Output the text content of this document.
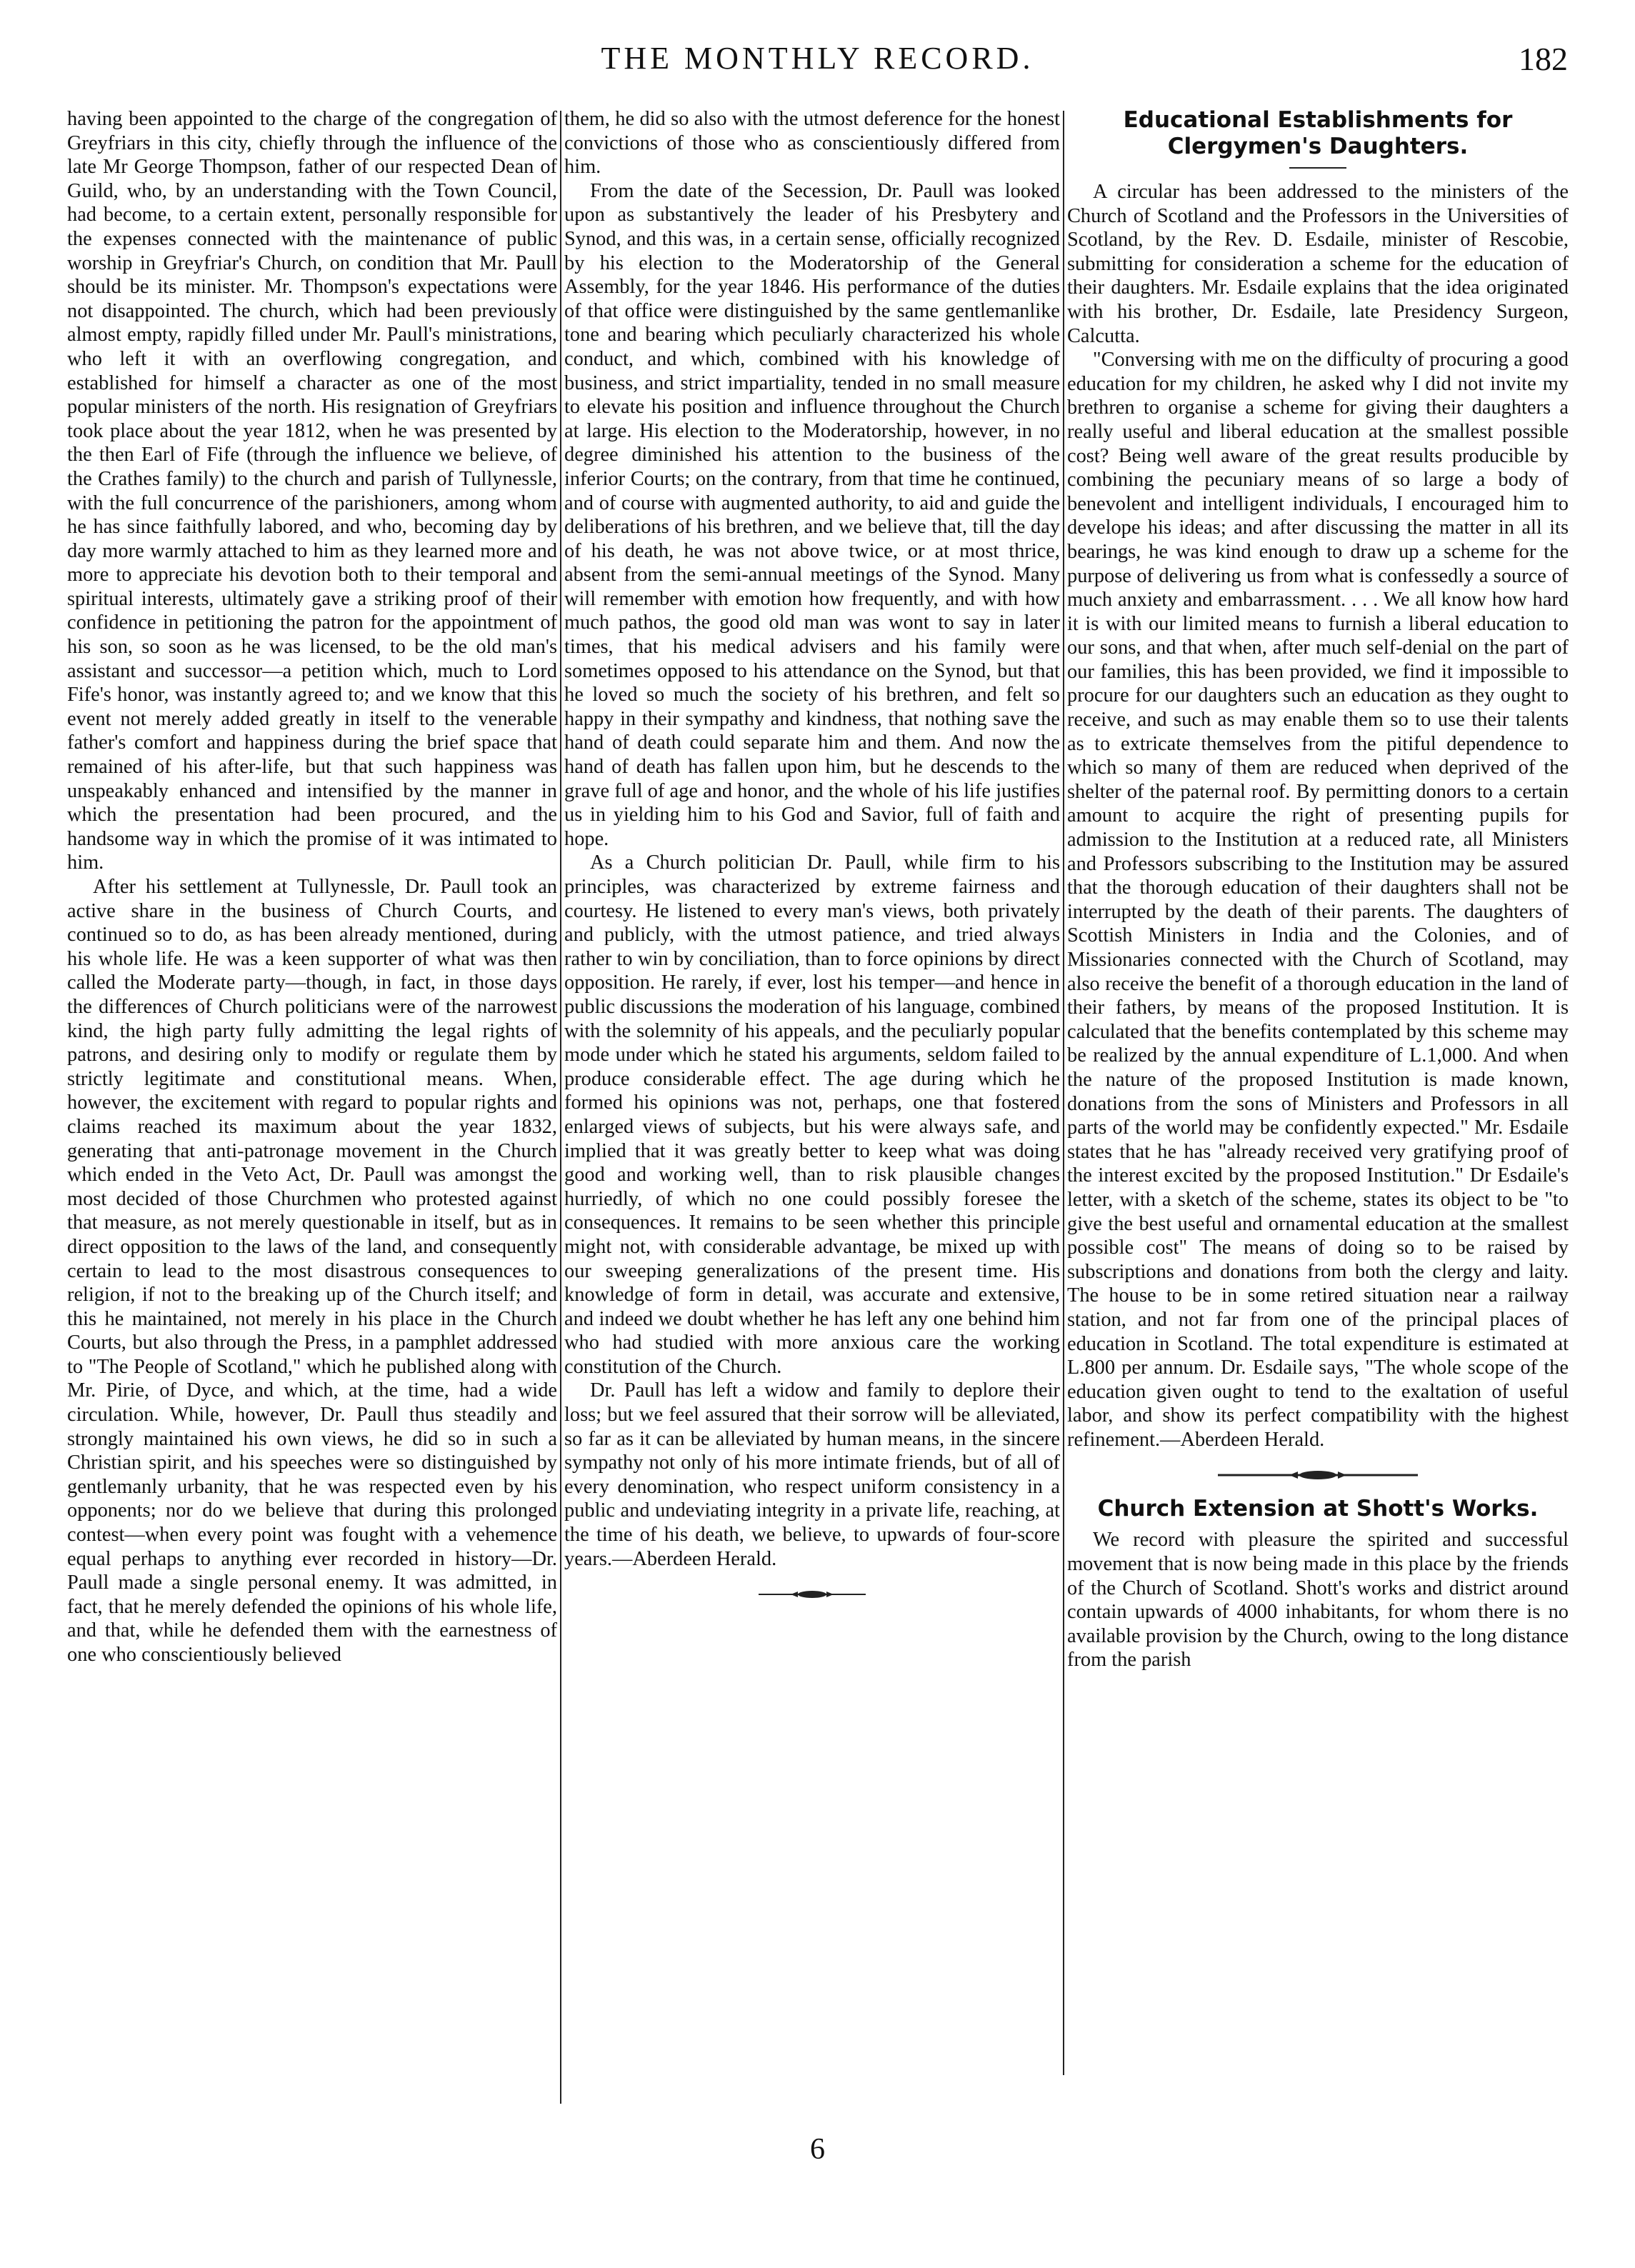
THE MONTHLY RECORD.	182

having been appointed to the charge of the congregation of Greyfriars in this city, chiefly through the influence of the late Mr George Thompson, father of our respected Dean of Guild, who, by an understanding with the Town Council, had become, to a certain extent, personally responsible for the expenses connected with the maintenance of public worship in Greyfriar's Church, on condition that Mr. Paull should be its minister. Mr. Thompson's expectations were not disappointed. The church, which had been previously almost empty, rapidly filled under Mr. Paull's ministrations, who left it with an overflowing congregation, and established for himself a character as one of the most popular ministers of the north. His resignation of Greyfriars took place about the year 1812, when he was presented by the then Earl of Fife (through the influence we believe, of the Crathes family) to the church and parish of Tullynessle, with the full concurrence of the parishioners, among whom he has since faithfully labored, and who, becoming day by day more warmly attached to him as they learned more and more to appreciate his devotion both to their temporal and spiritual interests, ultimately gave a striking proof of their confidence in petitioning the patron for the appointment of his son, so soon as he was licensed, to be the old man's assistant and successor—a petition which, much to Lord Fife's honor, was instantly agreed to; and we know that this event not merely added greatly in itself to the venerable father's comfort and happiness during the brief space that remained of his after-life, but that such happiness was unspeakably enhanced and intensified by the manner in which the presentation had been procured, and the handsome way in which the promise of it was intimated to him.

After his settlement at Tullynessle, Dr. Paull took an active share in the business of Church Courts, and continued so to do, as has been already mentioned, during his whole life. He was a keen supporter of what was then called the Moderate party—though, in fact, in those days the differences of Church politicians were of the narrowest kind, the high party fully admitting the legal rights of patrons, and desiring only to modify or regulate them by strictly legitimate and constitutional means. When, however, the excitement with regard to popular rights and claims reached its maximum about the year 1832, generating that anti-patronage movement in the Church which ended in the Veto Act, Dr. Paull was amongst the most decided of those Churchmen who protested against that measure, as not merely questionable in itself, but as in direct opposition to the laws of the land, and consequently certain to lead to the most disastrous consequences to religion, if not to the breaking up of the Church itself; and this he maintained, not merely in his place in the Church Courts, but also through the Press, in a pamphlet addressed to "The People of Scotland," which he published along with Mr. Pirie, of Dyce, and which, at the time, had a wide circulation. While, however, Dr. Paull thus steadily and strongly maintained his own views, he did so in such a Christian spirit, and his speeches were so distinguished by gentlemanly urbanity, that he was respected even by his opponents; nor do we believe that during this prolonged contest—when every point was fought with a vehemence equal perhaps to anything ever recorded in history—Dr. Paull made a single personal enemy. It was admitted, in fact, that he merely defended the opinions of his whole life, and that, while he defended them with the earnestness of one who conscientiously believed

them, he did so also with the utmost deference for the honest convictions of those who as conscientiously differed from him.

From the date of the Secession, Dr. Paull was looked upon as substantively the leader of his Presbytery and Synod, and this was, in a certain sense, officially recognized by his election to the Moderatorship of the General Assembly, for the year 1846. His performance of the duties of that office were distinguished by the same gentlemanlike tone and bearing which peculiarly characterized his whole conduct, and which, combined with his knowledge of business, and strict impartiality, tended in no small measure to elevate his position and influence throughout the Church at large. His election to the Moderatorship, however, in no degree diminished his attention to the business of the inferior Courts; on the contrary, from that time he continued, and of course with augmented authority, to aid and guide the deliberations of his brethren, and we believe that, till the day of his death, he was not above twice, or at most thrice, absent from the semi-annual meetings of the Synod. Many will remember with emotion how frequently, and with how much pathos, the good old man was wont to say in later times, that his medical advisers and his family were sometimes opposed to his attendance on the Synod, but that he loved so much the society of his brethren, and felt so happy in their sympathy and kindness, that nothing save the hand of death could separate him and them. And now the hand of death has fallen upon him, but he descends to the grave full of age and honor, and the whole of his life justifies us in yielding him to his God and Savior, full of faith and hope.

As a Church politician Dr. Paull, while firm to his principles, was characterized by extreme fairness and courtesy. He listened to every man's views, both privately and publicly, with the utmost patience, and tried always rather to win by conciliation, than to force opinions by direct opposition. He rarely, if ever, lost his temper—and hence in public discussions the moderation of his language, combined with the solemnity of his appeals, and the peculiarly popular mode under which he stated his arguments, seldom failed to produce considerable effect. The age during which he formed his opinions was not, perhaps, one that fostered enlarged views of subjects, but his were always safe, and implied that it was greatly better to keep what was doing good and working well, than to risk plausible changes hurriedly, of which no one could possibly foresee the consequences. It remains to be seen whether this principle might not, with considerable advantage, be mixed up with our sweeping generalizations of the present time. His knowledge of form in detail, was accurate and extensive, and indeed we doubt whether he has left any one behind him who had studied with more anxious care the working constitution of the Church.

Dr. Paull has left a widow and family to deplore their loss; but we feel assured that their sorrow will be alleviated, so far as it can be alleviated by human means, in the sincere sympathy not only of his more intimate friends, but of all of every denomination, who respect uniform consistency in a public and undeviating integrity in a private life, reaching, at the time of his death, we believe, to upwards of four-score years.—Aberdeen Herald.

Educational Establishments for Clergymen's Daughters.

A circular has been addressed to the ministers of the Church of Scotland and the Professors in the Universities of Scotland, by the Rev. D. Esdaile, minister of Rescobie, submitting for consideration a scheme for the education of their daughters. Mr. Esdaile explains that the idea originated with his brother, Dr. Esdaile, late Presidency Surgeon, Calcutta.

"Conversing with me on the difficulty of procuring a good education for my children, he asked why I did not invite my brethren to organise a scheme for giving their daughters a really useful and liberal education at the smallest possible cost? Being well aware of the great results producible by combining the pecuniary means of so large a body of benevolent and intelligent individuals, I encouraged him to develope his ideas; and after discussing the matter in all its bearings, he was kind enough to draw up a scheme for the purpose of delivering us from what is confessedly a source of much anxiety and embarrassment. . . . We all know how hard it is with our limited means to furnish a liberal education to our sons, and that when, after much self-denial on the part of our families, this has been provided, we find it impossible to procure for our daughters such an education as they ought to receive, and such as may enable them so to use their talents as to extricate themselves from the pitiful dependence to which so many of them are reduced when deprived of the shelter of the paternal roof. By permitting donors to a certain amount to acquire the right of presenting pupils for admission to the Institution at a reduced rate, all Ministers and Professors subscribing to the Institution may be assured that the thorough education of their daughters shall not be interrupted by the death of their parents. The daughters of Scottish Ministers in India and the Colonies, and of Missionaries connected with the Church of Scotland, may also receive the benefit of a thorough education in the land of their fathers, by means of the proposed Institution. It is calculated that the benefits contemplated by this scheme may be realized by the annual expenditure of L.1,000. And when the nature of the proposed Institution is made known, donations from the sons of Ministers and Professors in all parts of the world may be confidently expected." Mr. Esdaile states that he has "already received very gratifying proof of the interest excited by the proposed Institution." Dr Esdaile's letter, with a sketch of the scheme, states its object to be "to give the best useful and ornamental education at the smallest possible cost" The means of doing so to be raised by subscriptions and donations from both the clergy and laity. The house to be in some retired situation near a railway station, and not far from one of the principal places of education in Scotland. The total expenditure is estimated at L.800 per annum. Dr. Esdaile says, "The whole scope of the education given ought to tend to the exaltation of useful labor, and show its perfect compatibility with the highest refinement.—Aberdeen Herald.

Church Extension at Shott's Works.

We record with pleasure the spirited and successful movement that is now being made in this place by the friends of the Church of Scotland. Shott's works and district around contain upwards of 4000 inhabitants, for whom there is no available provision by the Church, owing to the long distance from the parish

6
